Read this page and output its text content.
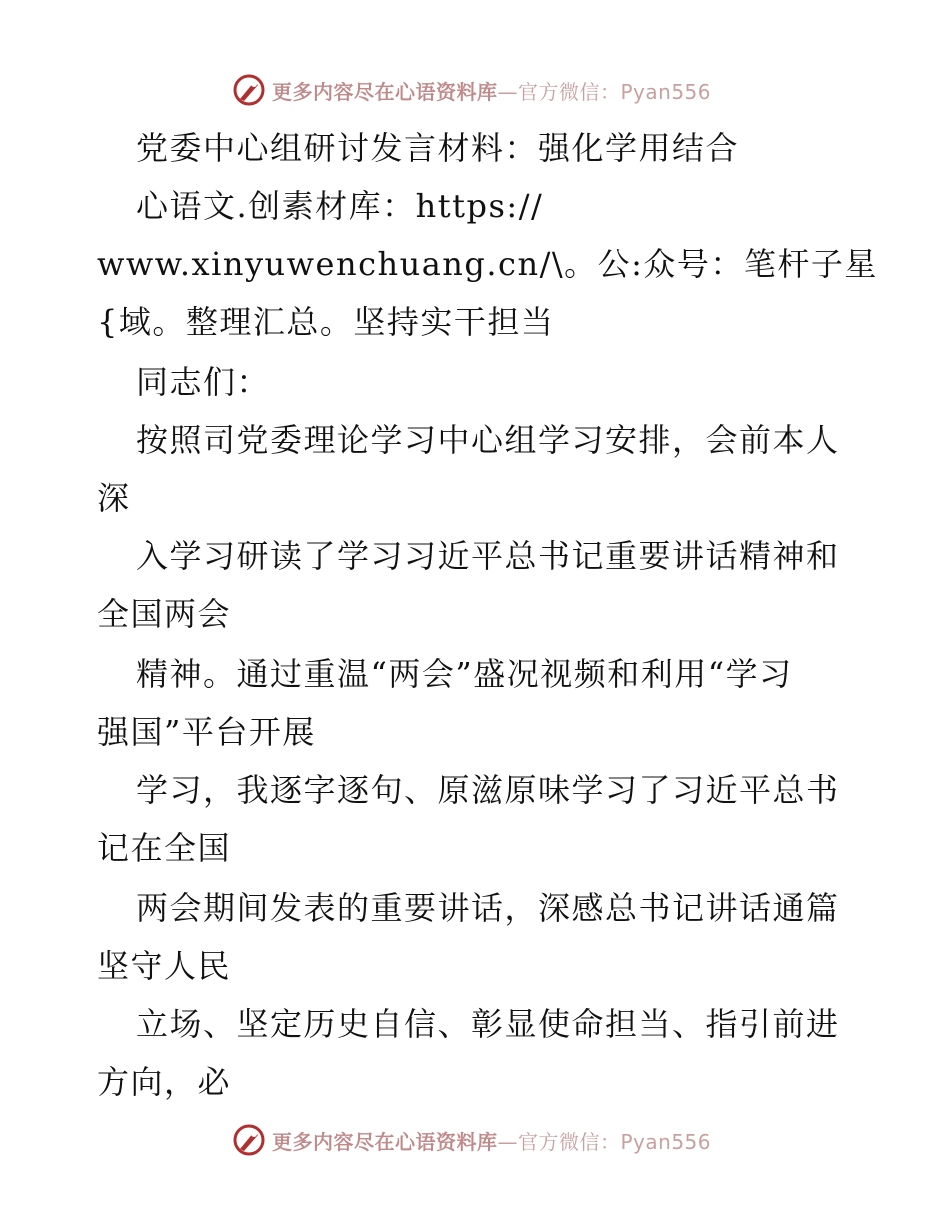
更多内容尽在心语资料库—官方微信：Pyan556
党委中心组研讨发言材料：强化学用结合
心语文.创素材库：https://
www.xinyuwenchuang.cn/\。公:众号：笔杆子星
{域。整理汇总。坚持实干担当
同志们：
按照司党委理论学习中心组学习安排，会前本人
深
入学习研读了学习习近平总书记重要讲话精神和
全国两会
精神。通过重温“两会”盛况视频和利用“学习
强国”平台开展
学习，我逐字逐句、原滋原味学习了习近平总书
记在全国
两会期间发表的重要讲话，深感总书记讲话通篇
坚守人民
立场、坚定历史自信、彰显使命担当、指引前进
方向，必
更多内容尽在心语资料库—官方微信：Pyan556
